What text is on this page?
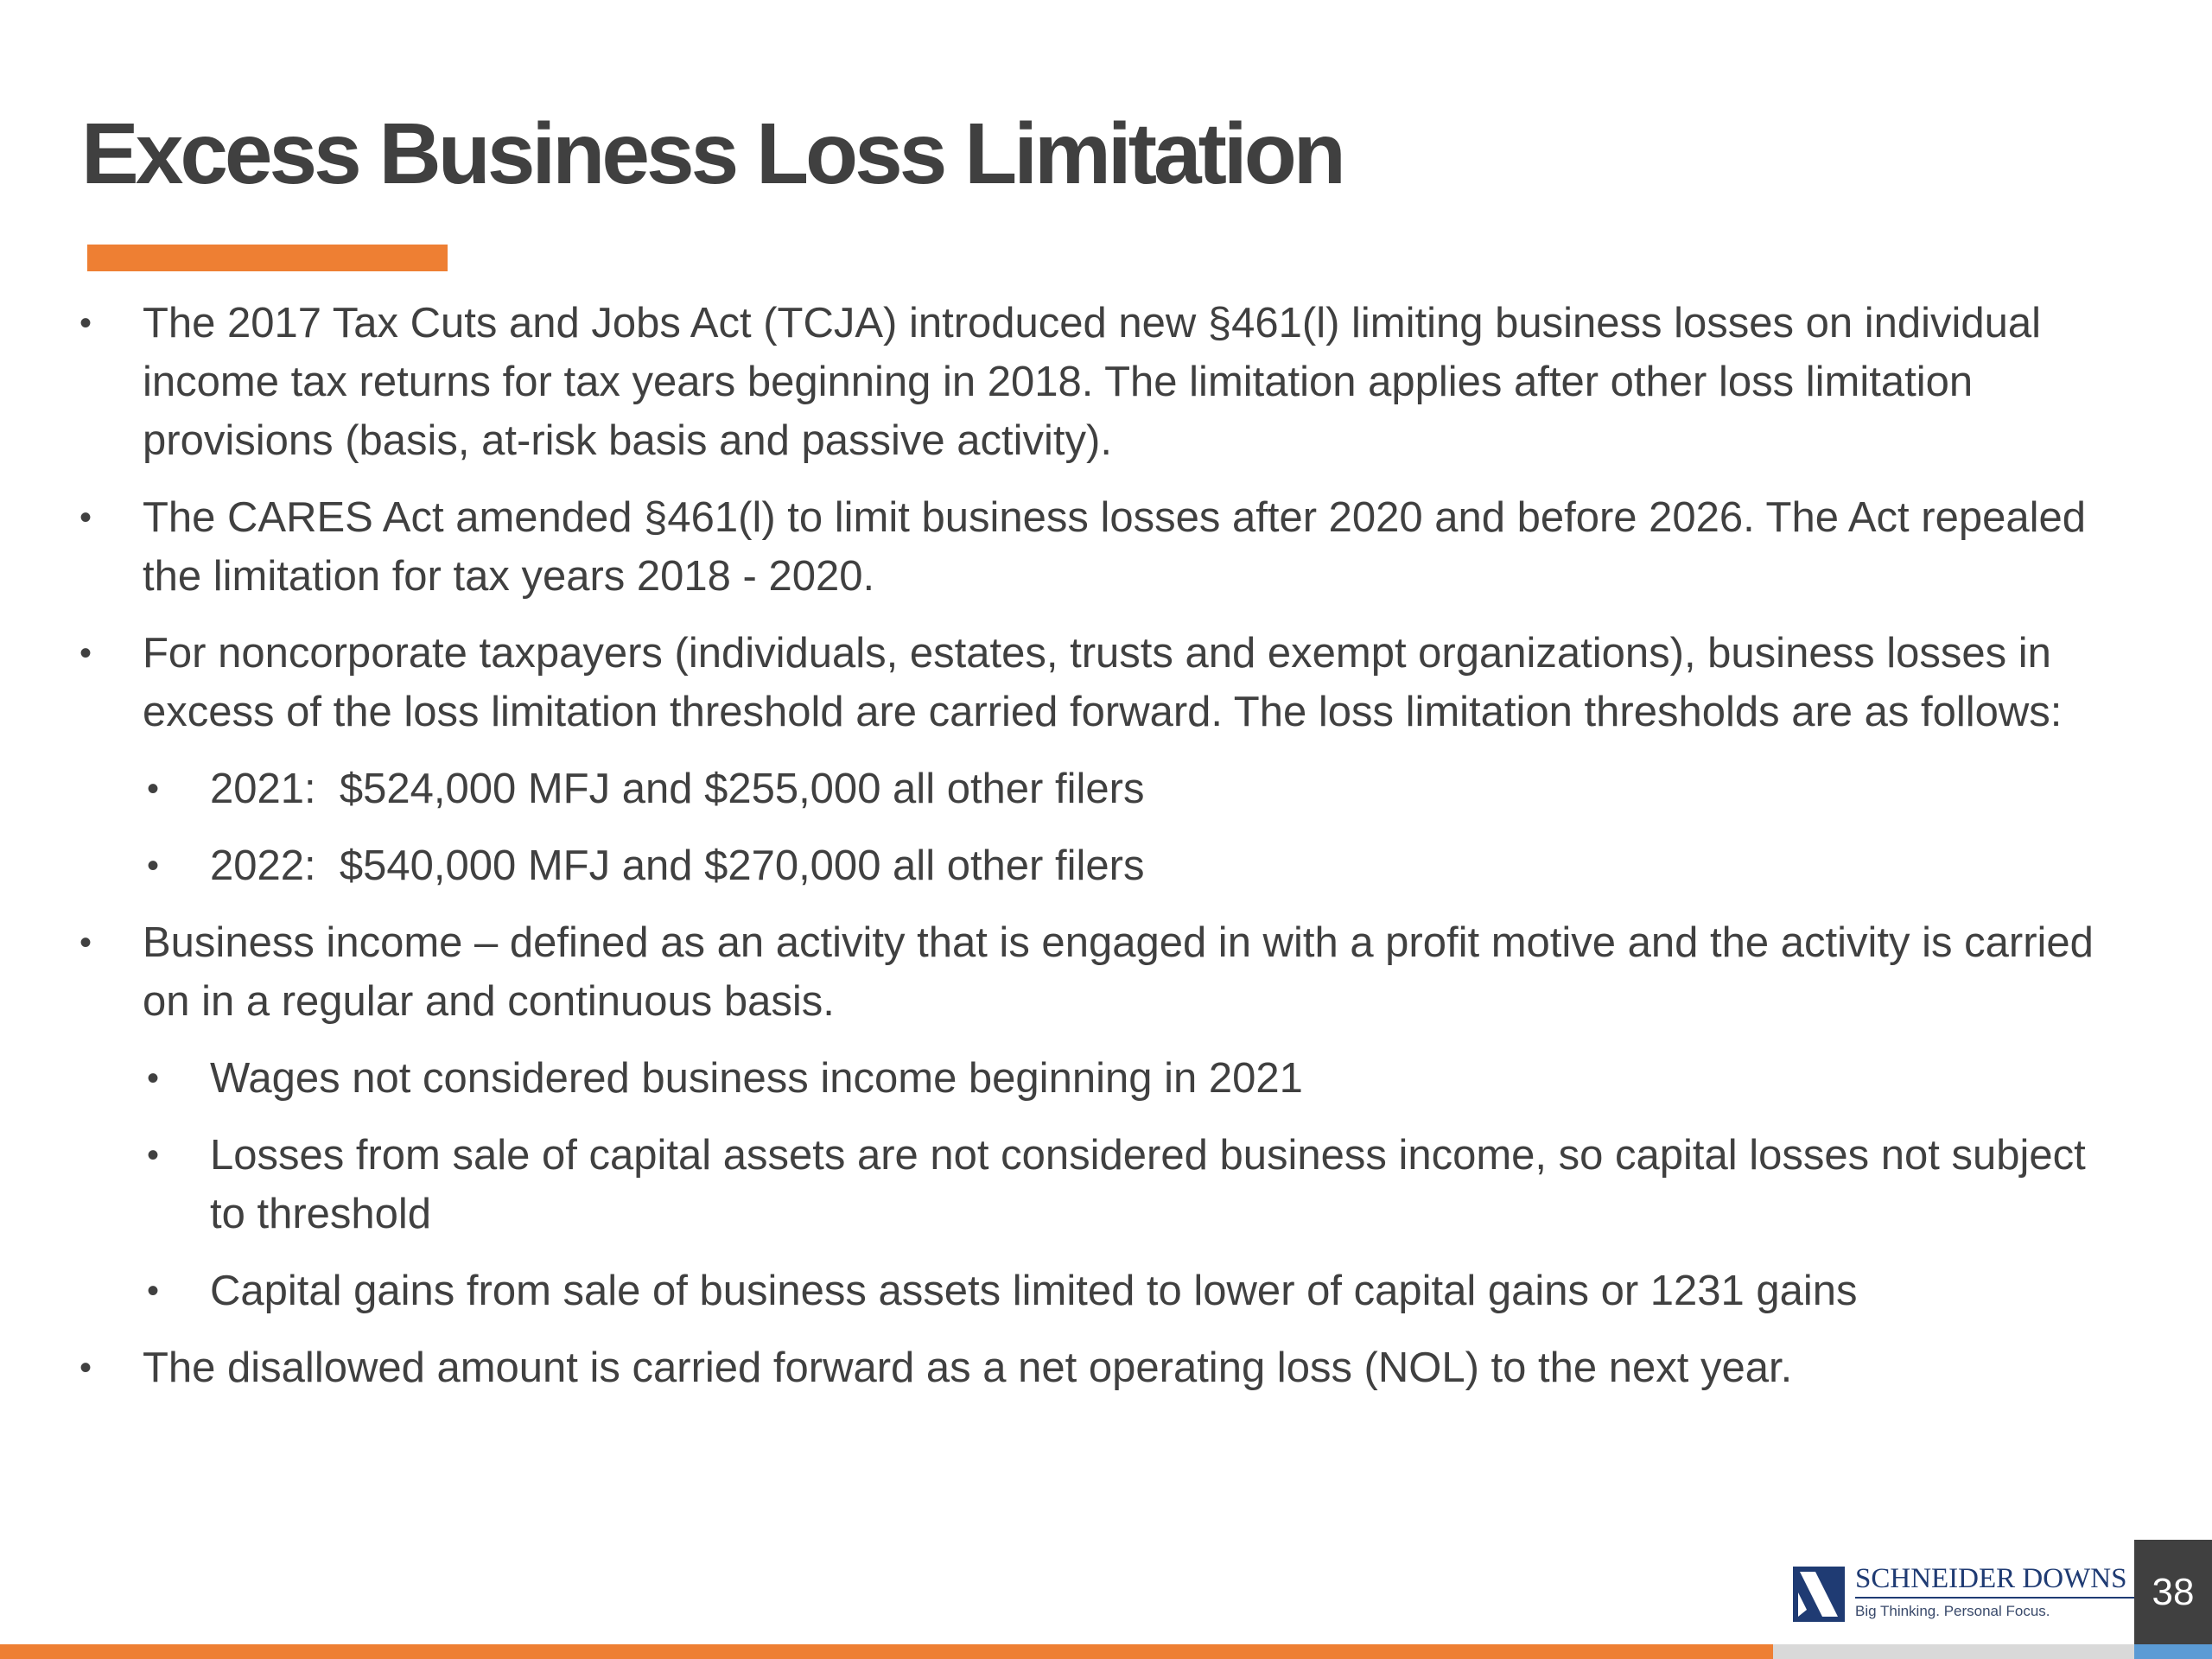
Excess Business Loss Limitation
• The 2017 Tax Cuts and Jobs Act (TCJA) introduced new §461(l) limiting business losses on individual income tax returns for tax years beginning in 2018. The limitation applies after other loss limitation provisions (basis, at-risk basis and passive activity).
• The CARES Act amended §461(l) to limit business losses after 2020 and before 2026. The Act repealed the limitation for tax years 2018 - 2020.
• For noncorporate taxpayers (individuals, estates, trusts and exempt organizations), business losses in excess of the loss limitation threshold are carried forward. The loss limitation thresholds are as follows:
• 2021:  $524,000 MFJ and $255,000 all other filers
• 2022:  $540,000 MFJ and $270,000 all other filers
• Business income – defined as an activity that is engaged in with a profit motive and the activity is carried on in a regular and continuous basis.
• Wages not considered business income beginning in 2021
• Losses from sale of capital assets are not considered business income, so capital losses not subject to threshold
• Capital gains from sale of business assets limited to lower of capital gains or 1231 gains
• The disallowed amount is carried forward as a net operating loss (NOL) to the next year.
SCHNEIDER DOWNS
Big Thinking. Personal Focus.	38
